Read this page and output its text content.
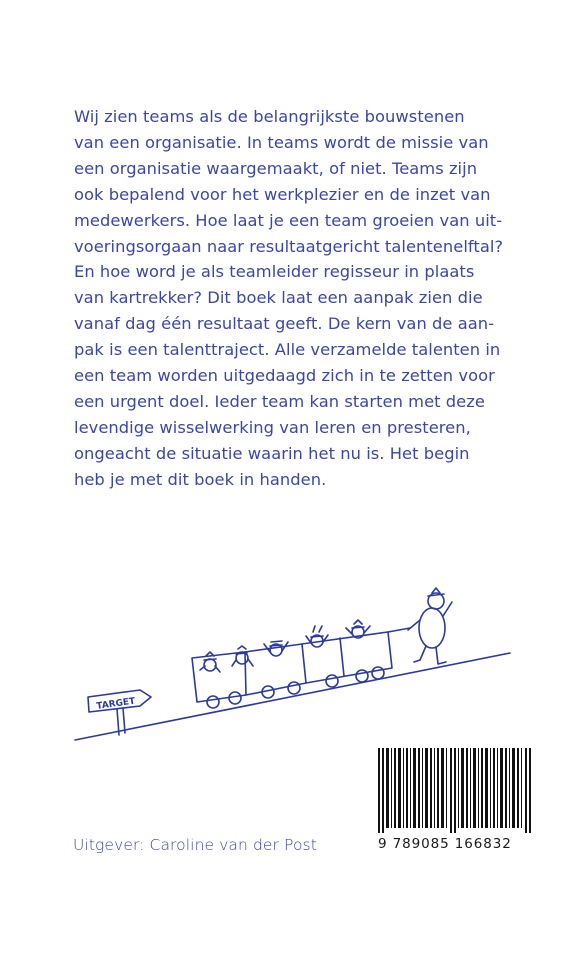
Wij zien teams als de belangrijkste bouwstenen
van een organisatie. In teams wordt de missie van
een organisatie waargemaakt, of niet. Teams zijn
ook bepalend voor het werkplezier en de inzet van
medewerkers. Hoe laat je een team groeien van uit-
voeringsorgaan naar resultaatgericht talentenelftal?
En hoe word je als teamleider regisseur in plaats
van kartrekker? Dit boek laat een aanpak zien die
vanaf dag één resultaat geeft. De kern van de aan-
pak is een talenttraject. Alle verzamelde talenten in
een team worden uitgedaagd zich in te zetten voor
een urgent doel. Ieder team kan starten met deze
levendige wisselwerking van leren en presteren,
ongeacht de situatie waarin het nu is. Het begin
heb je met dit boek in handen.
TARGET
9 789085 166832
Uitgever: Caroline van der Post
